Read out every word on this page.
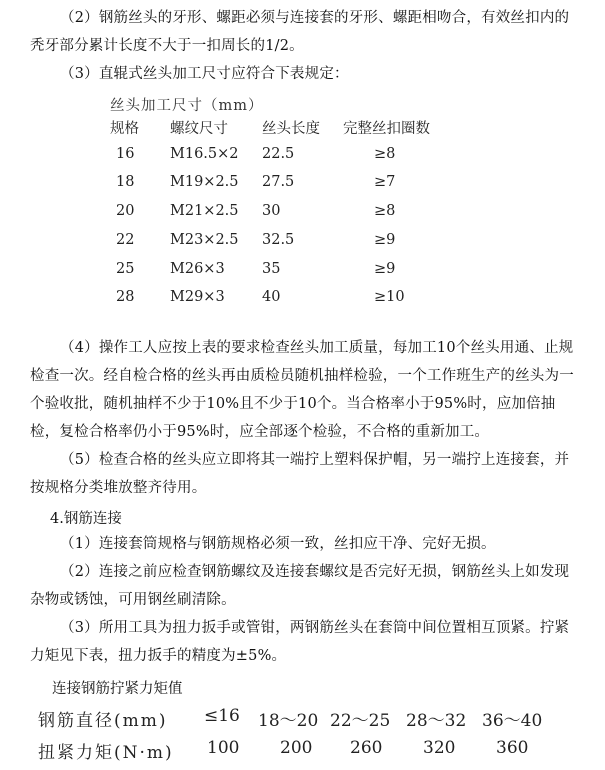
（2）钢筋丝头的牙形、螺距必须与连接套的牙形、螺距相吻合，有效丝扣内的秃牙部分累计长度不大于一扣周长的1/2。

（3）直辊式丝头加工尺寸应符合下表规定：

丝头加工尺寸（mm）
规格 螺纹尺寸 丝头长度 完整丝扣圈数
16 M16.5×2 22.5	≥8
18 M19×2.5 27.5	≥7
20 M21×2.5 30	≥8
22 M23×2.5 32.5	≥9
25 M26×3	35	≥9
28 M29×3	40	≥10

（4）操作工人应按上表的要求检查丝头加工质量，每加工10个丝头用通、止规检查一次。经自检合格的丝头再由质检员随机抽样检验，一个工作班生产的丝头为一个验收批，随机抽样不少于10%且不少于10个。当合格率小于95%时，应加倍抽检，复检合格率仍小于95%时，应全部逐个检验，不合格的重新加工。

（5）检查合格的丝头应立即将其一端拧上塑料保护帽，另一端拧上连接套，并按规格分类堆放整齐待用。

4.钢筋连接

（1）连接套筒规格与钢筋规格必须一致，丝扣应干净、完好无损。

（2）连接之前应检查钢筋螺纹及连接套螺纹是否完好无损，钢筋丝头上如发现杂物或锈蚀，可用钢丝刷清除。

（3）所用工具为扭力扳手或管钳，两钢筋丝头在套筒中间位置相互顶紧。拧紧力矩见下表，扭力扳手的精度为±5%。

连接钢筋拧紧力矩值
钢筋直径(mm) ≤16 18～20 22～25 28～32 36～40
扭紧力矩(N·m) 100 200 260 320 360
